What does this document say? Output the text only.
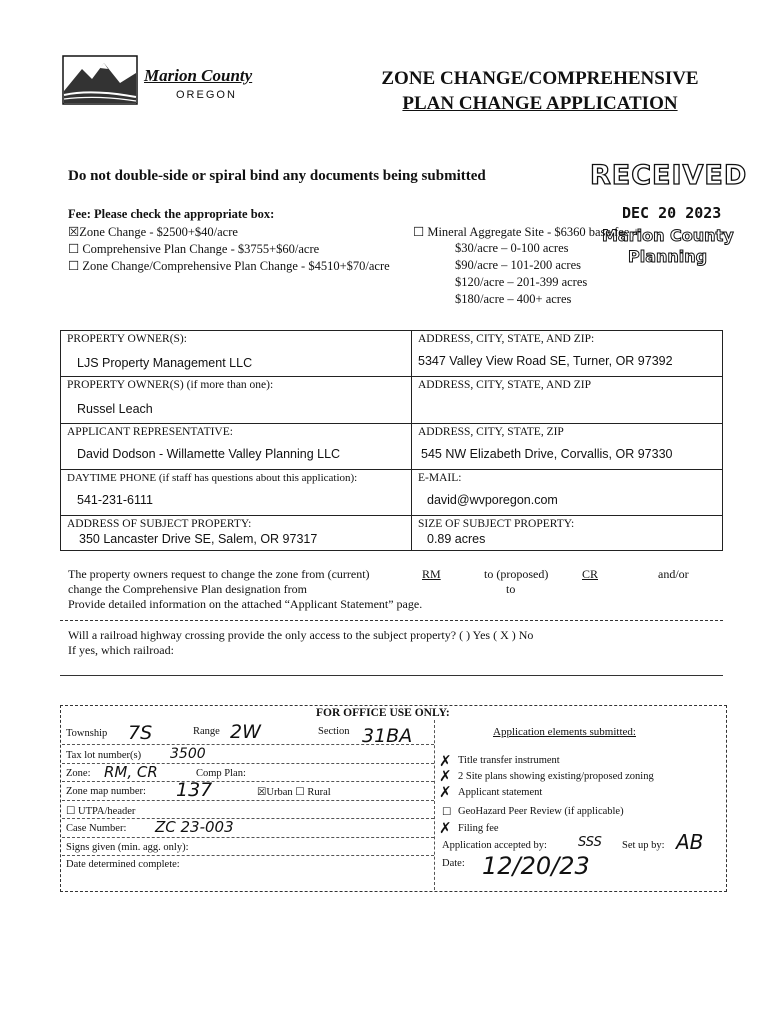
Marion County
OREGON
ZONE CHANGE/COMPREHENSIVE
PLAN CHANGE APPLICATION
Do not double-side or spiral bind any documents being submitted	RECEIVED
DEC 20 2023
Marion County
Planning
Fee: Please check the appropriate box:
☒Zone Change - $2500+$40/acre
☐ Comprehensive Plan Change - $3755+$60/acre
☐ Zone Change/Comprehensive Plan Change - $4510+$70/acre
☐ Mineral Aggregate Site - $6360 base fee +
$30/acre – 0-100 acres
$90/acre – 101-200 acres
$120/acre – 201-399 acres
$180/acre – 400+ acres
PROPERTY OWNER(S):
LJS Property Management LLC
ADDRESS, CITY, STATE, AND ZIP:
5347 Valley View Road SE, Turner, OR 97392
PROPERTY OWNER(S) (if more than one):
Russel Leach
ADDRESS, CITY, STATE, AND ZIP
APPLICANT REPRESENTATIVE:
David Dodson - Willamette Valley Planning LLC
ADDRESS, CITY, STATE, ZIP
545 NW Elizabeth Drive, Corvallis, OR 97330
DAYTIME PHONE (if staff has questions about this application):
541-231-6111
E-MAIL:
david@wvporegon.com
ADDRESS OF SUBJECT PROPERTY:
350 Lancaster Drive SE, Salem, OR 97317
SIZE OF SUBJECT PROPERTY:
0.89 acres
The property owners request to change the zone from (current)	RM	to (proposed)	CR	and/or
change the Comprehensive Plan designation from	to
Provide detailed information on the attached “Applicant Statement” page.
Will a railroad highway crossing provide the only access to the subject property? ( ) Yes ( X ) No
If yes, which railroad:
FOR OFFICE USE ONLY:
Township 7S	Range 2W	Section 31BA
Tax lot number(s) 3500
Zone: RM, CR	Comp Plan:
Zone map number: 137	☒Urban ☐ Rural
☐ UTPA/header
Case Number: ZC 23-003
Signs given (min. agg. only):
Date determined complete:
Application elements submitted:
✗ Title transfer instrument
✗ 2 Site plans showing existing/proposed zoning
✗ Applicant statement
☐ GeoHazard Peer Review (if applicable)
✗ Filing fee
Application accepted by: SSS Set up by: AB
Date: 12/20/23
